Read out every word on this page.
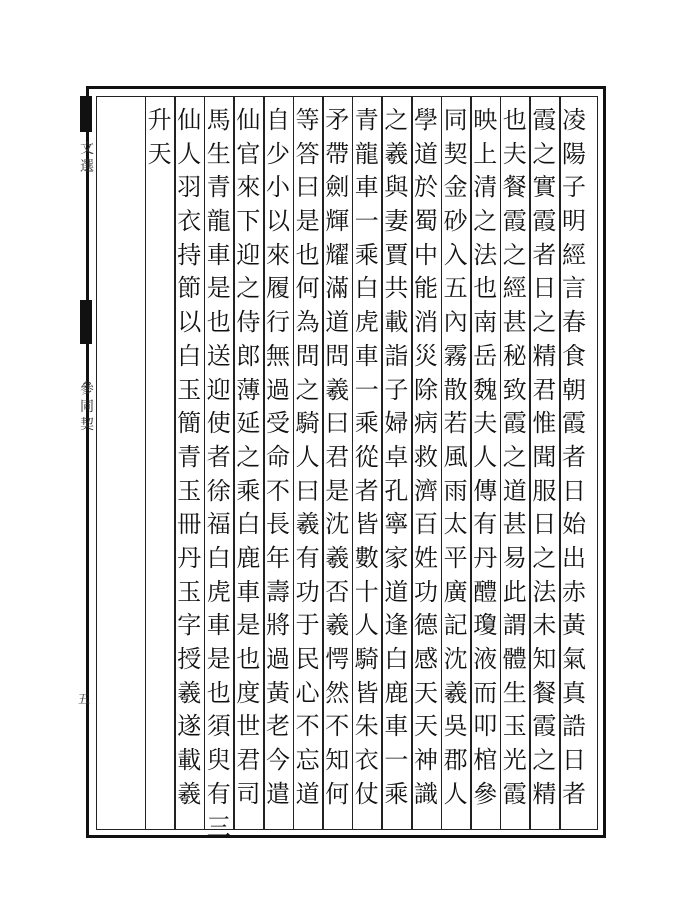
文選
參同契
五
凌
陽
子
明
經
言
春
食
朝
霞
者
日
始
出
赤
黃
氣
真
誥
日
者
霞
之
實
霞
者
日
之
精
君
惟
聞
服
日
之
法
未
知
餐
霞
之
精
也
夫
餐
霞
之
經
甚
秘
致
霞
之
道
甚
易
此
謂
體
生
玉
光
霞
映
上
清
之
法
也
南
岳
魏
夫
人
傳
有
丹
醴
瓊
液
而
叩
棺
參
同
契
金
砂
入
五
內
霧
散
若
風
雨
太
平
廣
記
沈
羲
吳
郡
人
學
道
於
蜀
中
能
消
災
除
病
救
濟
百
姓
功
德
感
天
天
神
識
之
羲
與
妻
賈
共
載
詣
子
婦
卓
孔
寧
家
道
逢
白
鹿
車
一
乘
青
龍
車
一
乘
白
虎
車
一
乘
從
者
皆
數
十
人
騎
皆
朱
衣
仗
矛
帶
劍
輝
耀
滿
道
問
羲
曰
君
是
沈
羲
否
羲
愕
然
不
知
何
等
答
曰
是
也
何
為
問
之
騎
人
曰
羲
有
功
于
民
心
不
忘
道
自
少
小
以
來
履
行
無
過
受
命
不
長
年
壽
將
過
黃
老
今
遣
仙
官
來
下
迎
之
侍
郎
薄
延
之
乘
白
鹿
車
是
也
度
世
君
司
馬
生
青
龍
車
是
也
送
迎
使
者
徐
福
白
虎
車
是
也
須
臾
有
三
仙
人
羽
衣
持
節
以
白
玉
簡
青
玉
冊
丹
玉
字
授
羲
遂
載
羲
升
天
